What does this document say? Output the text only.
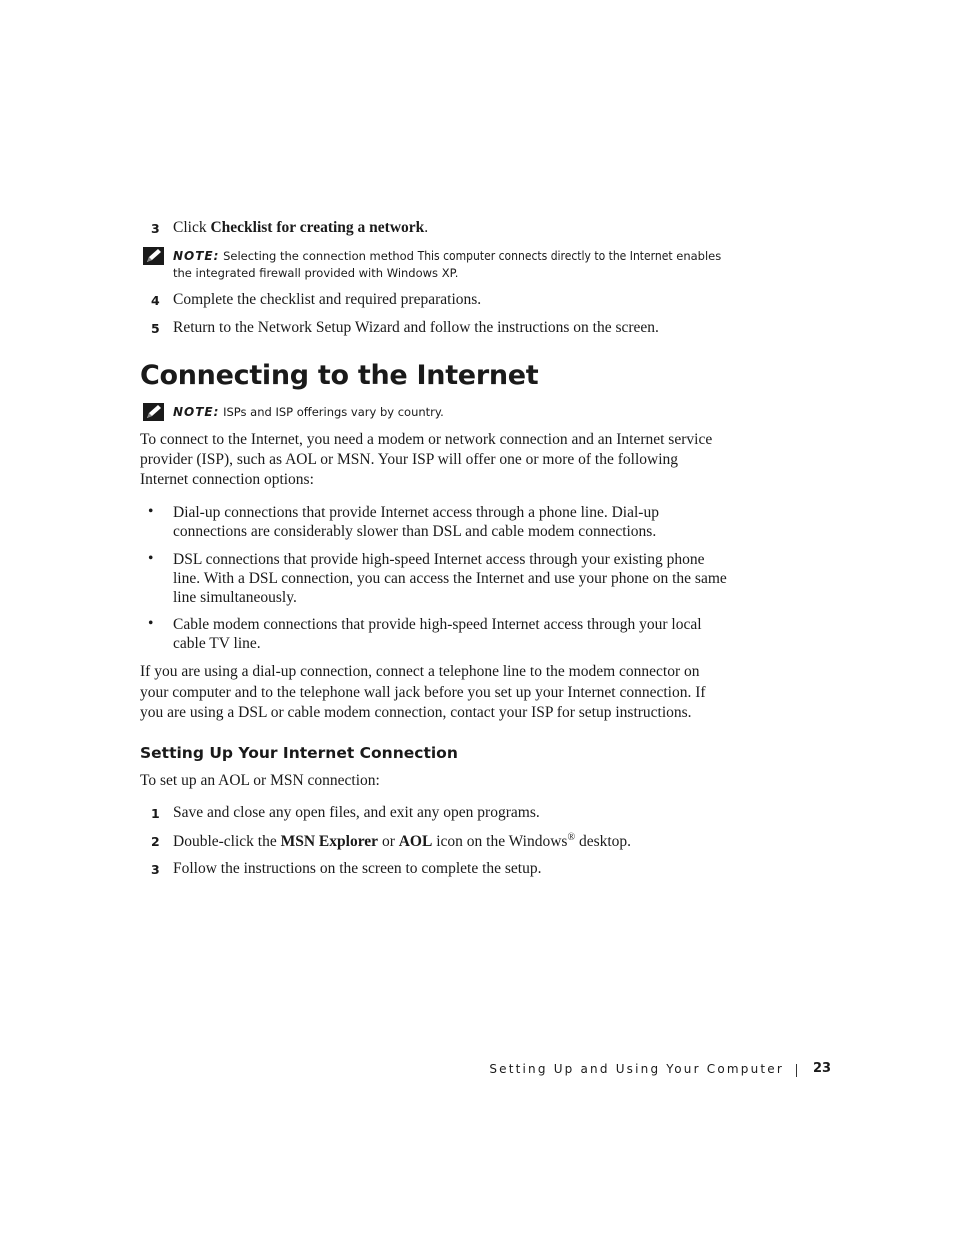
3 Click Checklist for creating a network.
NOTE: Selecting the connection method This computer connects directly to the Internet enables the integrated firewall provided with Windows XP.
4 Complete the checklist and required preparations.
5 Return to the Network Setup Wizard and follow the instructions on the screen.
Connecting to the Internet
NOTE: ISPs and ISP offerings vary by country.
To connect to the Internet, you need a modem or network connection and an Internet service provider (ISP), such as AOL or MSN. Your ISP will offer one or more of the following Internet connection options:
• Dial-up connections that provide Internet access through a phone line. Dial-up connections are considerably slower than DSL and cable modem connections.
• DSL connections that provide high-speed Internet access through your existing phone line. With a DSL connection, you can access the Internet and use your phone on the same line simultaneously.
• Cable modem connections that provide high-speed Internet access through your local cable TV line.
If you are using a dial-up connection, connect a telephone line to the modem connector on your computer and to the telephone wall jack before you set up your Internet connection. If you are using a DSL or cable modem connection, contact your ISP for setup instructions.
Setting Up Your Internet Connection
To set up an AOL or MSN connection:
1 Save and close any open files, and exit any open programs.
2 Double-click the MSN Explorer or AOL icon on the Windows® desktop.
3 Follow the instructions on the screen to complete the setup.
Setting Up and Using Your Computer 23
